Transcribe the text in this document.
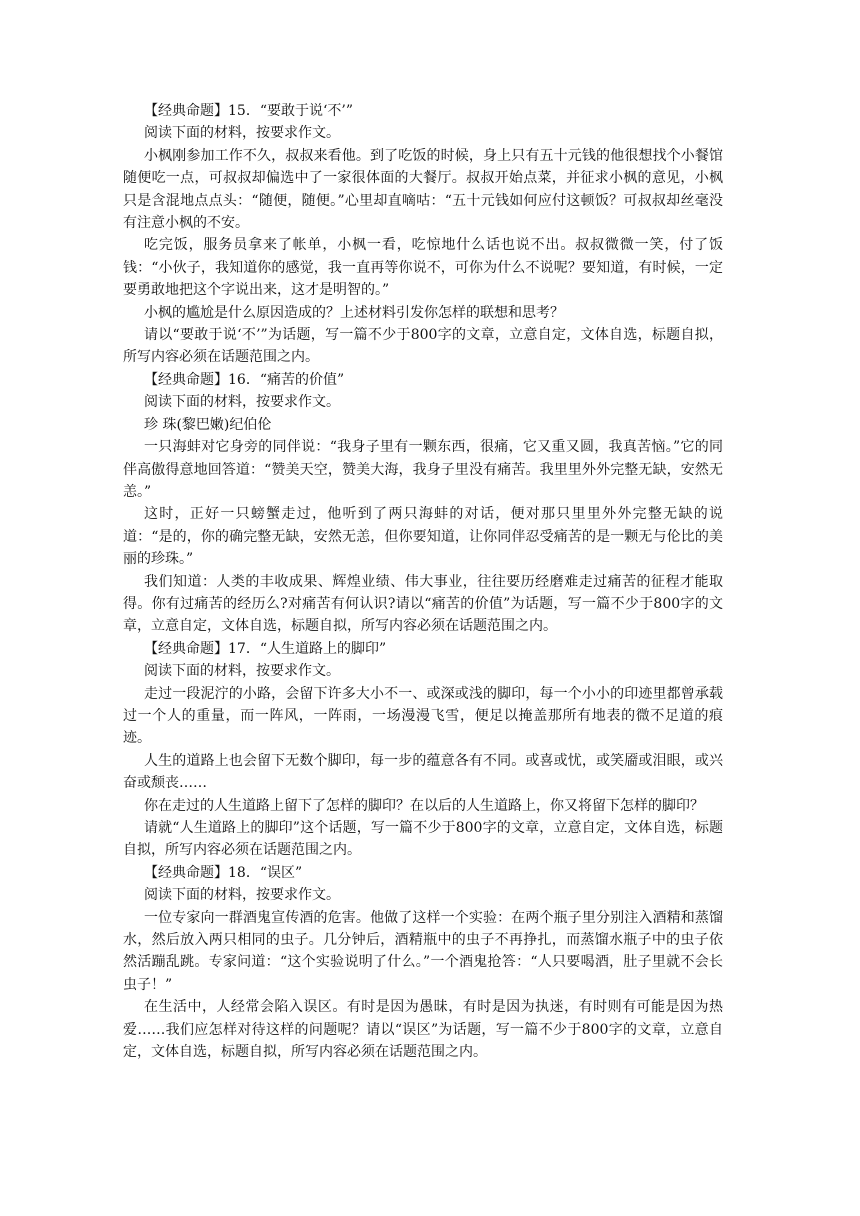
【经典命题】15．“要敢于说‘不’”

阅读下面的材料，按要求作文。

小枫刚参加工作不久，叔叔来看他。到了吃饭的时候，身上只有五十元钱的他很想找个小餐馆随便吃一点，可叔叔却偏选中了一家很体面的大餐厅。叔叔开始点菜，并征求小枫的意见，小枫只是含混地点点头：“随便，随便。”心里却直嘀咕：“五十元钱如何应付这顿饭？可叔叔却丝毫没有注意小枫的不安。

吃完饭，服务员拿来了帐单，小枫一看，吃惊地什么话也说不出。叔叔微微一笑，付了饭钱：“小伙子，我知道你的感觉，我一直再等你说不，可你为什么不说呢？要知道，有时候，一定要勇敢地把这个字说出来，这才是明智的。”

小枫的尴尬是什么原因造成的？上述材料引发你怎样的联想和思考？

请以“要敢于说‘不’”为话题，写一篇不少于800字的文章，立意自定，文体自选，标题自拟，所写内容必须在话题范围之内。

【经典命题】16．“痛苦的价值”

阅读下面的材料，按要求作文。

珍 珠(黎巴嫩)纪伯伦

一只海蚌对它身旁的同伴说：“我身子里有一颗东西，很痛，它又重又圆，我真苦恼。”它的同伴高傲得意地回答道：“赞美天空，赞美大海，我身子里没有痛苦。我里里外外完整无缺，安然无恙。”

这时，正好一只螃蟹走过，他听到了两只海蚌的对话，便对那只里里外外完整无缺的说道：“是的，你的确完整无缺，安然无恙，但你要知道，让你同伴忍受痛苦的是一颗无与伦比的美丽的珍珠。”

我们知道：人类的丰收成果、辉煌业绩、伟大事业，往往要历经磨难走过痛苦的征程才能取得。你有过痛苦的经历么?对痛苦有何认识?请以“痛苦的价值”为话题，写一篇不少于800字的文章，立意自定，文体自选，标题自拟，所写内容必须在话题范围之内。

【经典命题】17．“人生道路上的脚印”

阅读下面的材料，按要求作文。

走过一段泥泞的小路，会留下许多大小不一、或深或浅的脚印，每一个小小的印迹里都曾承载过一个人的重量，而一阵风，一阵雨，一场漫漫飞雪，便足以掩盖那所有地表的微不足道的痕迹。

人生的道路上也会留下无数个脚印，每一步的蕴意各有不同。或喜或忧，或笑靥或泪眼，或兴奋或颓丧……

你在走过的人生道路上留下了怎样的脚印？在以后的人生道路上，你又将留下怎样的脚印？

请就“人生道路上的脚印”这个话题，写一篇不少于800字的文章，立意自定，文体自选，标题自拟，所写内容必须在话题范围之内。

【经典命题】18．“误区”

阅读下面的材料，按要求作文。

一位专家向一群酒鬼宣传酒的危害。他做了这样一个实验：在两个瓶子里分别注入酒精和蒸馏水，然后放入两只相同的虫子。几分钟后，酒精瓶中的虫子不再挣扎，而蒸馏水瓶子中的虫子依然活蹦乱跳。专家问道：“这个实验说明了什么。”一个酒鬼抢答：“人只要喝酒，肚子里就不会长虫子！”

在生活中，人经常会陷入误区。有时是因为愚昧，有时是因为执迷，有时则有可能是因为热爱……我们应怎样对待这样的问题呢？请以“误区”为话题，写一篇不少于800字的文章，立意自定，文体自选，标题自拟，所写内容必须在话题范围之内。
